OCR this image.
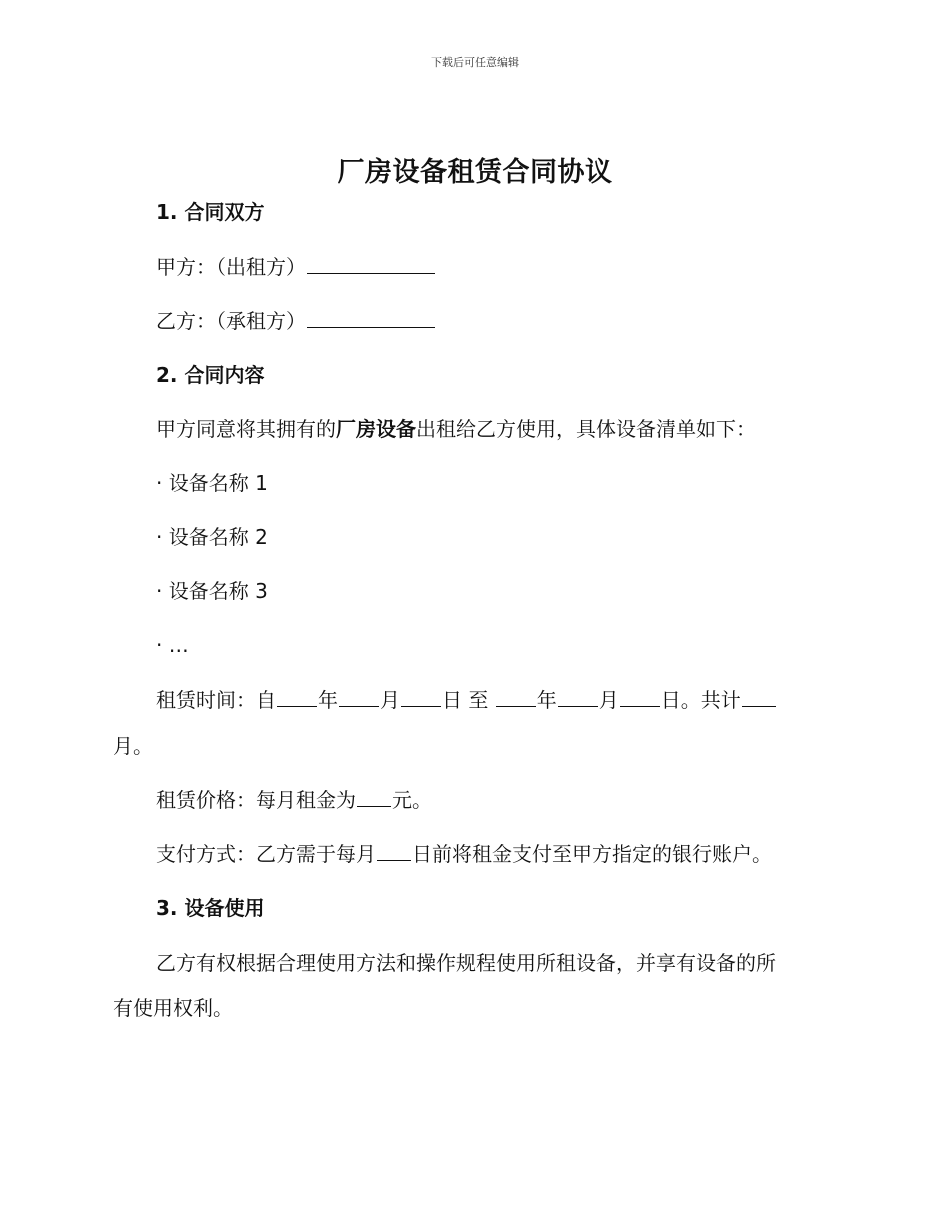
下载后可任意编辑
厂房设备租赁合同协议

1. 合同双方

甲方：（出租方）

乙方：（承租方）

2. 合同内容

甲方同意将其拥有的厂房设备出租给乙方使用，具体设备清单如下：

· 设备名称 1

· 设备名称 2

· 设备名称 3

· …

租赁时间：自 年 月 日 至 年 月 日。共计

月。

租赁价格：每月租金为 元。

支付方式：乙方需于每月 日前将租金支付至甲方指定的银行账户。

3. 设备使用

乙方有权根据合理使用方法和操作规程使用所租设备，并享有设备的所

有使用权利。
